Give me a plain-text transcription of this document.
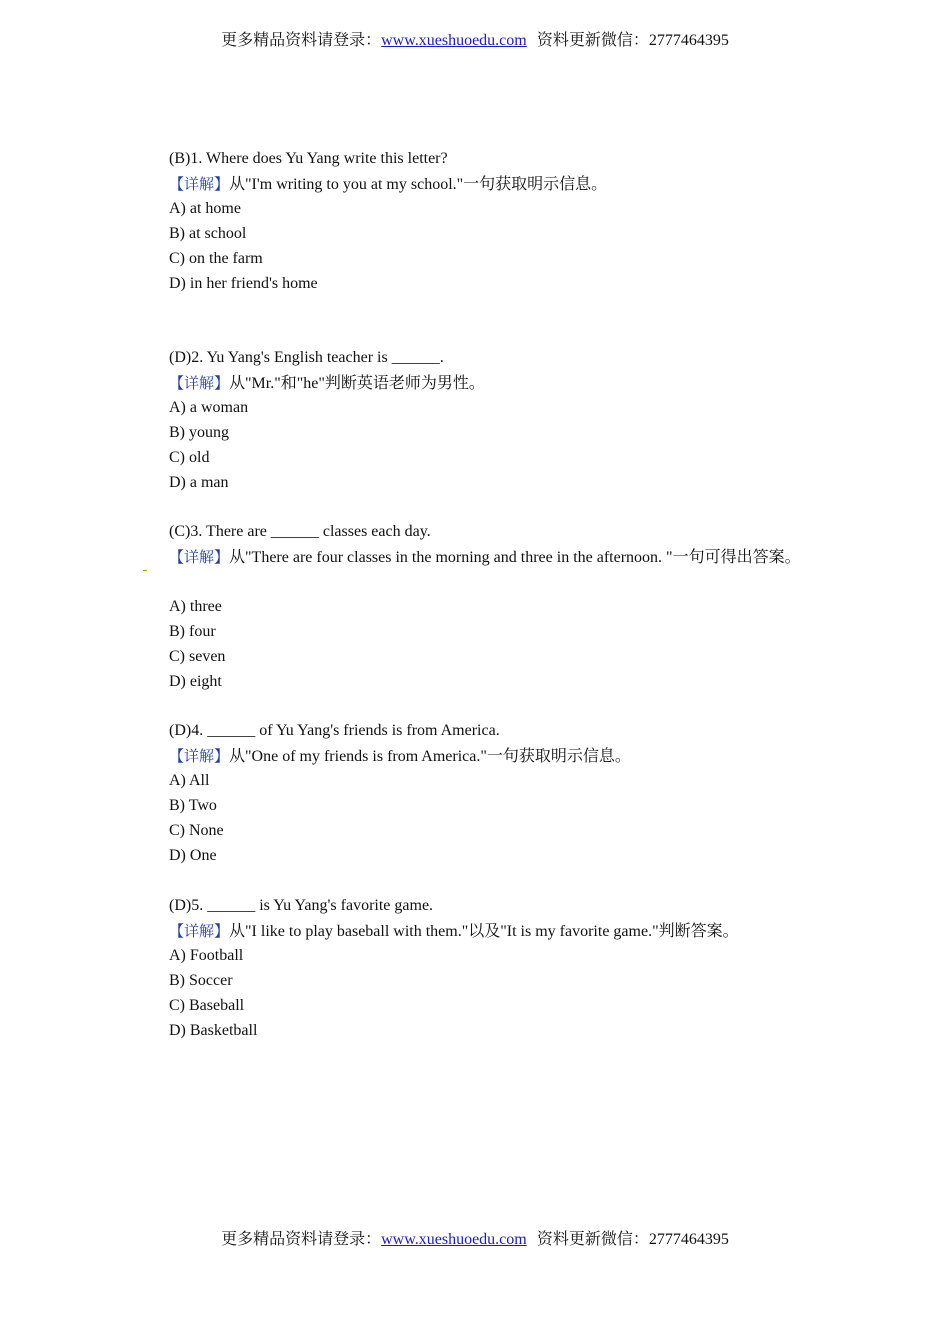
更多精品资料请登录：www.xueshuoedu.com 资料更新微信：2777464395
(B)1. Where does Yu Yang write this letter?
【详解】从"I'm writing to you at my school."一句获取明示信息。
A) at home
B) at school
C) on the farm
D) in her friend's home
(D)2. Yu Yang's English teacher is ______.
【详解】从"Mr."和"he"判断英语老师为男性。
A) a woman
B) young
C) old
D) a man
(C)3. There are ______ classes each day.
【详解】从"There are four classes in the morning and three in the afternoon. "一句可得出答案。
A) three
B) four
C) seven
D) eight
(D)4. ______ of Yu Yang's friends is from America.
【详解】从"One of my friends is from America."一句获取明示信息。
A) All
B) Two
C) None
D) One
(D)5. ______ is Yu Yang's favorite game.
【详解】从"I like to play baseball with them."以及"It is my favorite game."判断答案。
A) Football
B) Soccer
C) Baseball
D) Basketball
更多精品资料请登录：www.xueshuoedu.com 资料更新微信：2777464395
